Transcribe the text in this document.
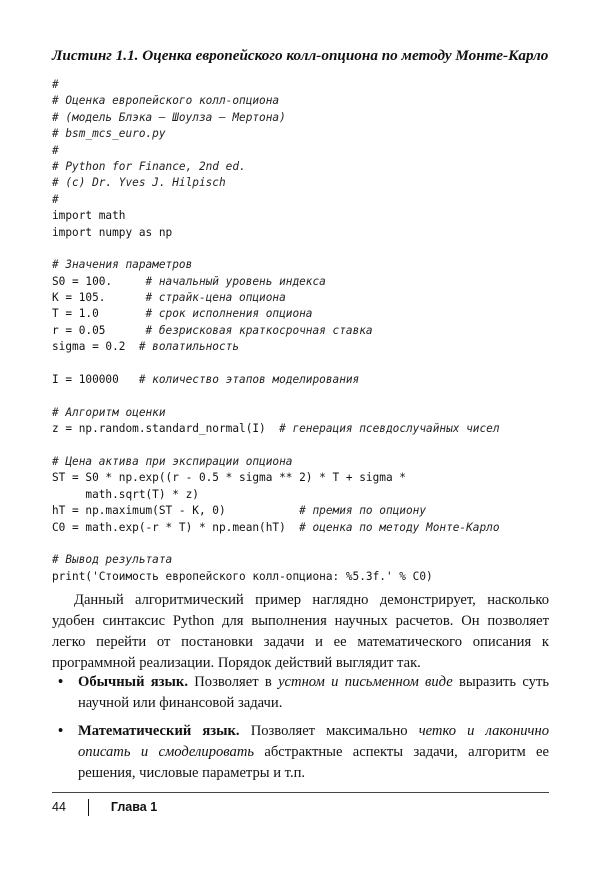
Листинг 1.1. Оценка европейского колл-опциона по методу Монте-Карло
#
# Оценка европейского колл-опциона
# (модель Блэка – Шоулза – Мертона)
# bsm_mcs_euro.py
#
# Python for Finance, 2nd ed.
# (c) Dr. Yves J. Hilpisch
#
import math
import numpy as np
# Значения параметров
S0 = 100.     # начальный уровень индекса
K = 105.      # страйк-цена опциона
T = 1.0       # срок исполнения опциона
r = 0.05      # безрисковая краткосрочная ставка
sigma = 0.2  # волатильность
I = 100000   # количество этапов моделирования
# Алгоритм оценки
z = np.random.standard_normal(I)  # генерация псевдослучайных чисел
# Цена актива при экспирации опциона
ST = S0 * np.exp((r - 0.5 * sigma ** 2) * T + sigma *
math.sqrt(T) * z)
hT = np.maximum(ST - K, 0)           # премия по опциону
C0 = math.exp(-r * T) * np.mean(hT)  # оценка по методу Монте-Карло
# Вывод результата
print('Стоимость европейского колл-опциона: %5.3f.' % C0)

Данный алгоритмический пример наглядно демонстрирует, насколько удобен синтаксис Python для выполнения научных расчетов. Он позволяет легко перейти от постановки задачи и ее математического описания к программной реализации. Порядок действий выглядит так.

• Обычный язык. Позволяет в устном и письменном виде выразить суть научной или финансовой задачи.
• Математический язык. Позволяет максимально четко и лаконично описать и смоделировать абстрактные аспекты задачи, алгоритм ее решения, числовые параметры и т.п.
44	Глава 1
